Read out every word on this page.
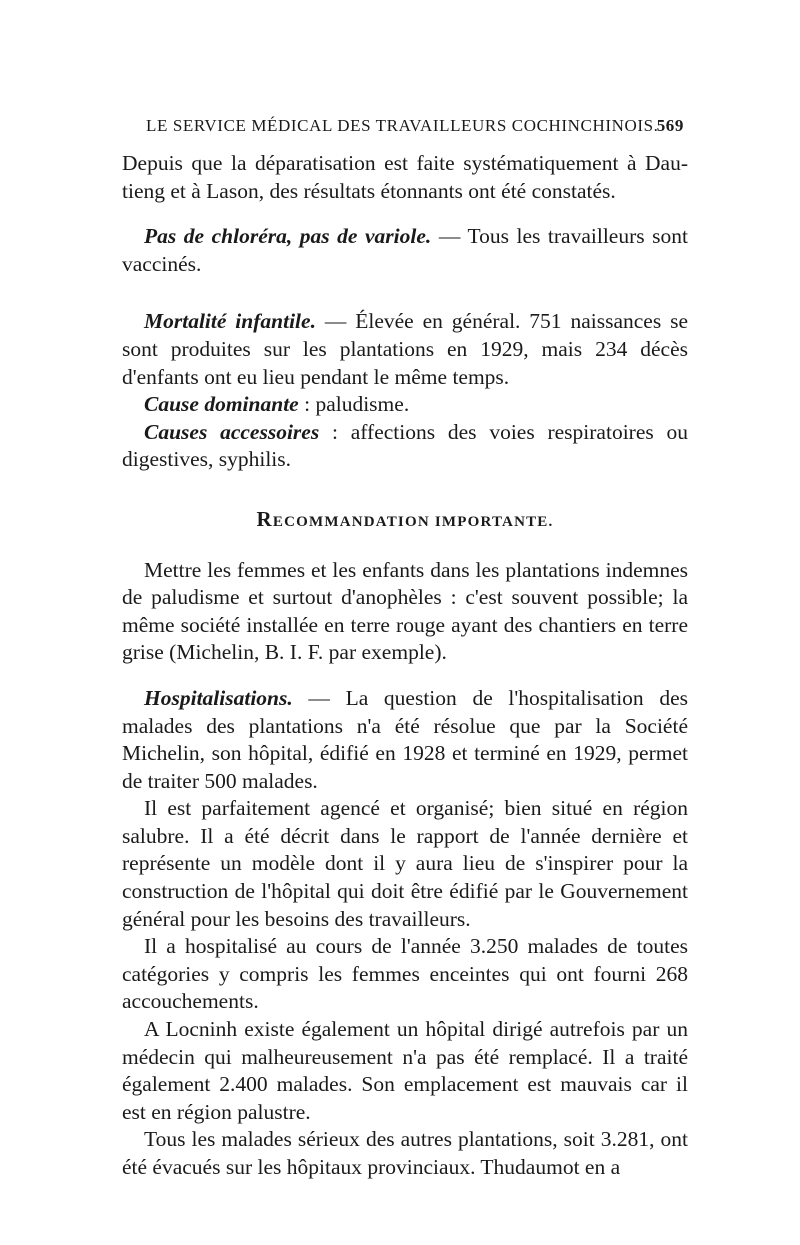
LE SERVICE MÉDICAL DES TRAVAILLEURS COCHINCHINOIS.
569

Depuis que la déparatisation est faite systématiquement à Dau-tieng et à Lason, des résultats étonnants ont été constatés.

Pas de chloréra, pas de variole. — Tous les travailleurs sont vaccinés.

Mortalité infantile. — Élevée en général. 751 naissances se sont produites sur les plantations en 1929, mais 234 décès d'enfants ont eu lieu pendant le même temps.

Cause dominante : paludisme.

Causes accessoires : affections des voies respiratoires ou digestives, syphilis.

RECOMMANDATION IMPORTANTE.

Mettre les femmes et les enfants dans les plantations indemnes de paludisme et surtout d'anophèles : c'est souvent possible; la même société installée en terre rouge ayant des chantiers en terre grise (Michelin, B. I. F. par exemple).

Hospitalisations. — La question de l'hospitalisation des malades des plantations n'a été résolue que par la Société Michelin, son hôpital, édifié en 1928 et terminé en 1929, permet de traiter 500 malades.

Il est parfaitement agencé et organisé; bien situé en région salubre. Il a été décrit dans le rapport de l'année dernière et représente un modèle dont il y aura lieu de s'inspirer pour la construction de l'hôpital qui doit être édifié par le Gouvernement général pour les besoins des travailleurs.

Il a hospitalisé au cours de l'année 3.250 malades de toutes catégories y compris les femmes enceintes qui ont fourni 268 accouchements.

A Locninh existe également un hôpital dirigé autrefois par un médecin qui malheureusement n'a pas été remplacé. Il a traité également 2.400 malades. Son emplacement est mauvais car il est en région palustre.

Tous les malades sérieux des autres plantations, soit 3.281, ont été évacués sur les hôpitaux provinciaux. Thudaumot en a
